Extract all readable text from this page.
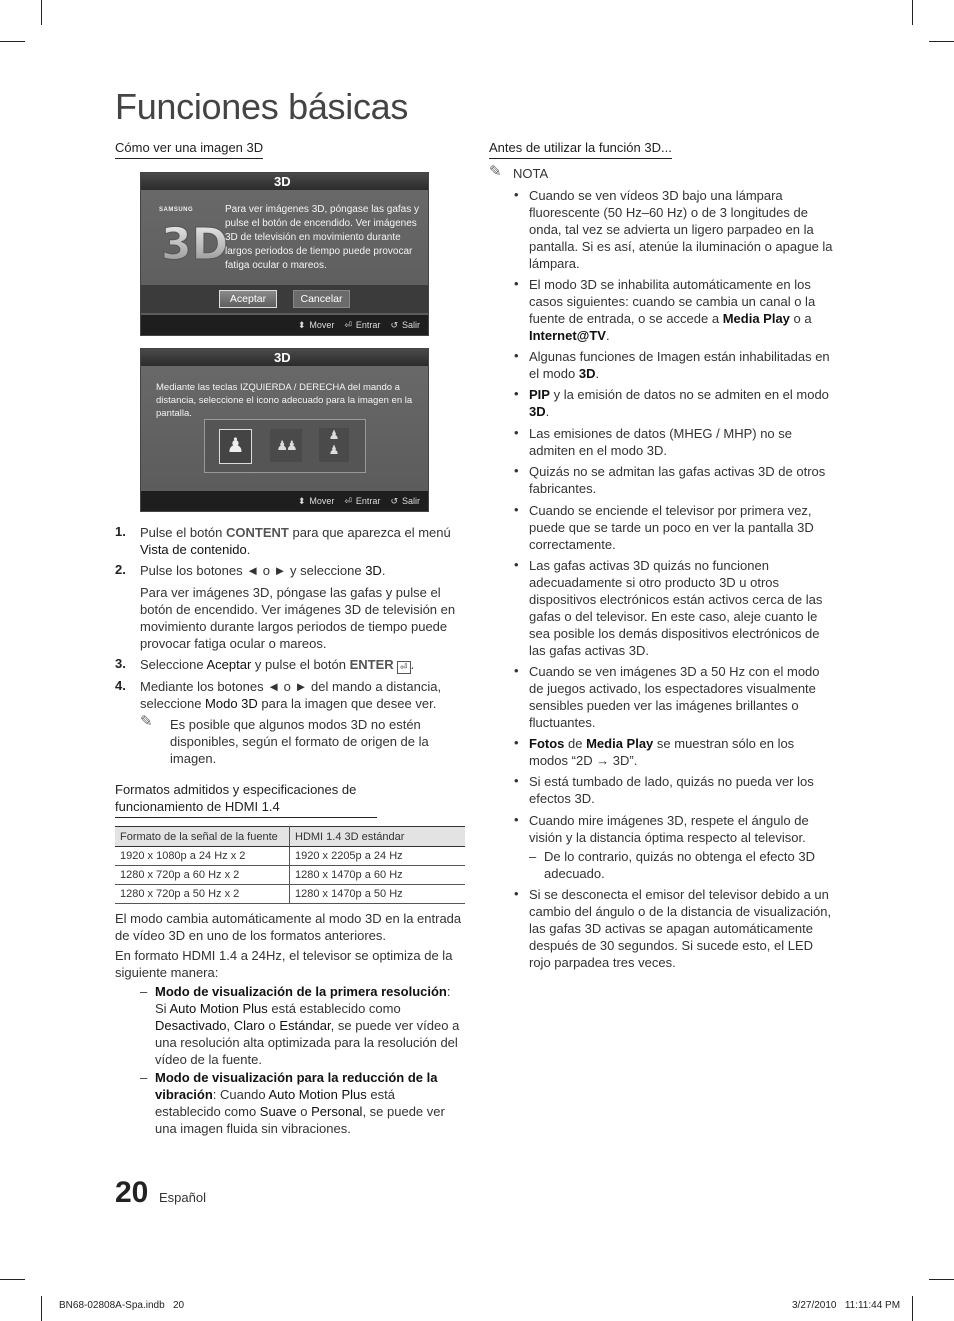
Funciones básicas
Cómo ver una imagen 3D
3D
SAMSUNG
3D
Para ver imágenes 3D, póngase las gafas y pulse el botón de encendido. Ver imágenes 3D de televisión en movimiento durante largos periodos de tiempo puede provocar fatiga ocular o mareos.
Aceptar	Cancelar
⬍ Mover ⏎ Entrar ↺ Salir
3D
Mediante las teclas IZQUIERDA / DERECHA del mando a distancia, seleccione el icono adecuado para la imagen en la pantalla.
♟	♟♟
♟
♟
⬍ Mover ⏎ Entrar ↺ Salir
1. Pulse el botón CONTENT para que aparezca el menú Vista de contenido.
2. Pulse los botones ◄ o ► y seleccione 3D.
Para ver imágenes 3D, póngase las gafas y pulse el botón de encendido. Ver imágenes 3D de televisión en movimiento durante largos periodos de tiempo puede provocar fatiga ocular o mareos.
3. Seleccione Aceptar y pulse el botón ENTER ⏎ .
4. Mediante los botones ◄ o ► del mando a distancia, seleccione Modo 3D para la imagen que desee ver.
✎ Es posible que algunos modos 3D no estén disponibles, según el formato de origen de la imagen.
Formatos admitidos y especificaciones de funcionamiento de HDMI 1.4
Formato de la señal de la fuente	HDMI 1.4 3D estándar
1920 x 1080p a 24 Hz x 2	1920 x 2205p a 24 Hz
1280 x 720p a 60 Hz x 2	1280 x 1470p a 60 Hz
1280 x 720p a 50 Hz x 2	1280 x 1470p a 50 Hz
El modo cambia automáticamente al modo 3D en la entrada de vídeo 3D en uno de los formatos anteriores.
En formato HDMI 1.4 a 24Hz, el televisor se optimiza de la siguiente manera:
– Modo de visualización de la primera resolución: Si Auto Motion Plus está establecido como Desactivado, Claro o Estándar, se puede ver vídeo a una resolución alta optimizada para la resolución del vídeo de la fuente.
– Modo de visualización para la reducción de la vibración: Cuando Auto Motion Plus está establecido como Suave o Personal, se puede ver una imagen fluida sin vibraciones.
Antes de utilizar la función 3D...
✎ NOTA
• Cuando se ven vídeos 3D bajo una lámpara fluorescente (50 Hz–60 Hz) o de 3 longitudes de onda, tal vez se advierta un ligero parpadeo en la pantalla. Si es así, atenúe la iluminación o apague la lámpara.
• El modo 3D se inhabilita automáticamente en los casos siguientes: cuando se cambia un canal o la fuente de entrada, o se accede a Media Play o a Internet@TV.
• Algunas funciones de Imagen están inhabilitadas en el modo 3D.
• PIP y la emisión de datos no se admiten en el modo 3D.
• Las emisiones de datos (MHEG / MHP) no se admiten en el modo 3D.
• Quizás no se admitan las gafas activas 3D de otros fabricantes.
• Cuando se enciende el televisor por primera vez, puede que se tarde un poco en ver la pantalla 3D correctamente.
• Las gafas activas 3D quizás no funcionen adecuadamente si otro producto 3D u otros dispositivos electrónicos están activos cerca de las gafas o del televisor. En este caso, aleje cuanto le sea posible los demás dispositivos electrónicos de las gafas activas 3D.
• Cuando se ven imágenes 3D a 50 Hz con el modo de juegos activado, los espectadores visualmente sensibles pueden ver las imágenes brillantes o fluctuantes.
• Fotos de Media Play se muestran sólo en los modos “2D → 3D”.
• Si está tumbado de lado, quizás no pueda ver los efectos 3D.
• Cuando mire imágenes 3D, respete el ángulo de visión y la distancia óptima respecto al televisor.
– De lo contrario, quizás no obtenga el efecto 3D adecuado.
• Si se desconecta el emisor del televisor debido a un cambio del ángulo o de la distancia de visualización, las gafas 3D activas se apagan automáticamente después de 30 segundos. Si sucede esto, el LED rojo parpadea tres veces.
20 Español
BN68-02808A-Spa.indb   20	3/27/2010   11:11:44 PM
